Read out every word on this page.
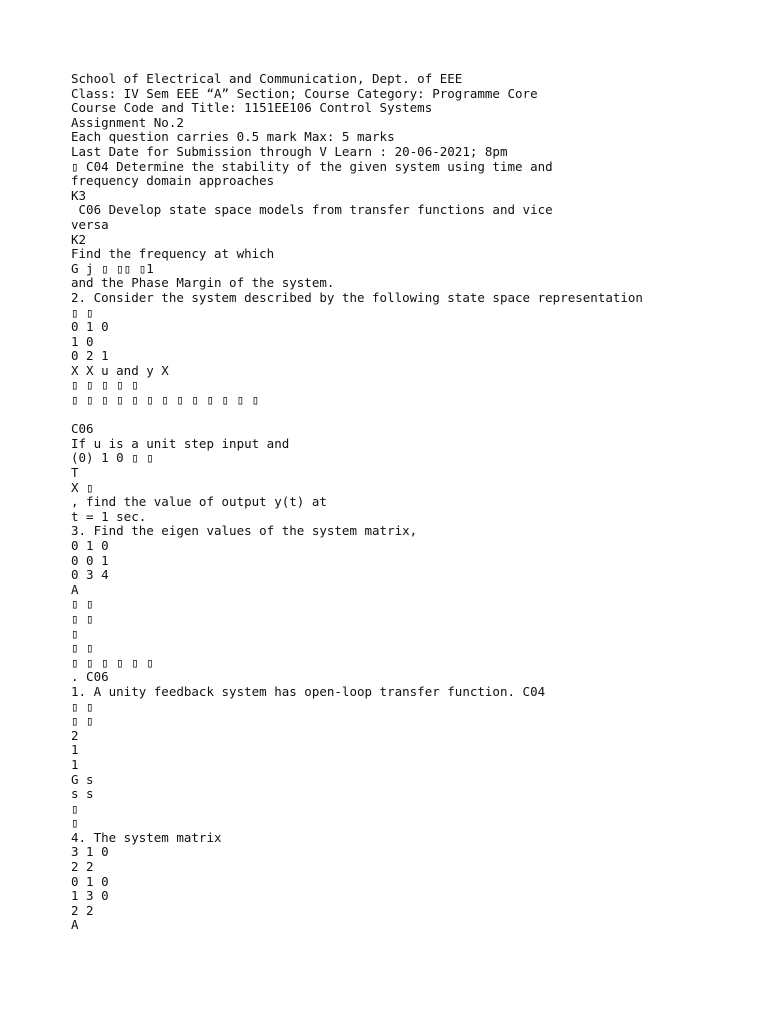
School of Electrical and Communication, Dept. of EEE
Class: IV Sem EEE “A” Section; Course Category: Programme Core
Course Code and Title: 1151EE106 Control Systems
Assignment No.2
Each question carries 0.5 mark Max: 5 marks
Last Date for Submission through V Learn : 20-06-2021; 8pm
▯ C04 Determine the stability of the given system using time and
frequency domain approaches
K3
C06 Develop state space models from transfer functions and vice
versa
K2
Find the frequency at which
G j ▯ ▯▯ ▯1
and the Phase Margin of the system.
2. Consider the system described by the following state space representation
▯ ▯
0 1 0
1 0
0 2 1
X X u and y X
▯ ▯ ▯ ▯ ▯
▯ ▯ ▯ ▯ ▯ ▯ ▯ ▯ ▯ ▯ ▯ ▯ ▯
C06
If u is a unit step input and
(0) 1 0 ▯ ▯
T
X ▯
, find the value of output y(t) at
t = 1 sec.
3. Find the eigen values of the system matrix,
0 1 0
0 0 1
0 3 4
A
▯ ▯
▯ ▯
▯
▯ ▯
▯ ▯ ▯ ▯ ▯ ▯
. C06
1. A unity feedback system has open-loop transfer function. C04
▯ ▯
▯ ▯
2
1
1
G s
s s
▯
▯
4. The system matrix
3 1 0
2 2
0 1 0
1 3 0
2 2
A
